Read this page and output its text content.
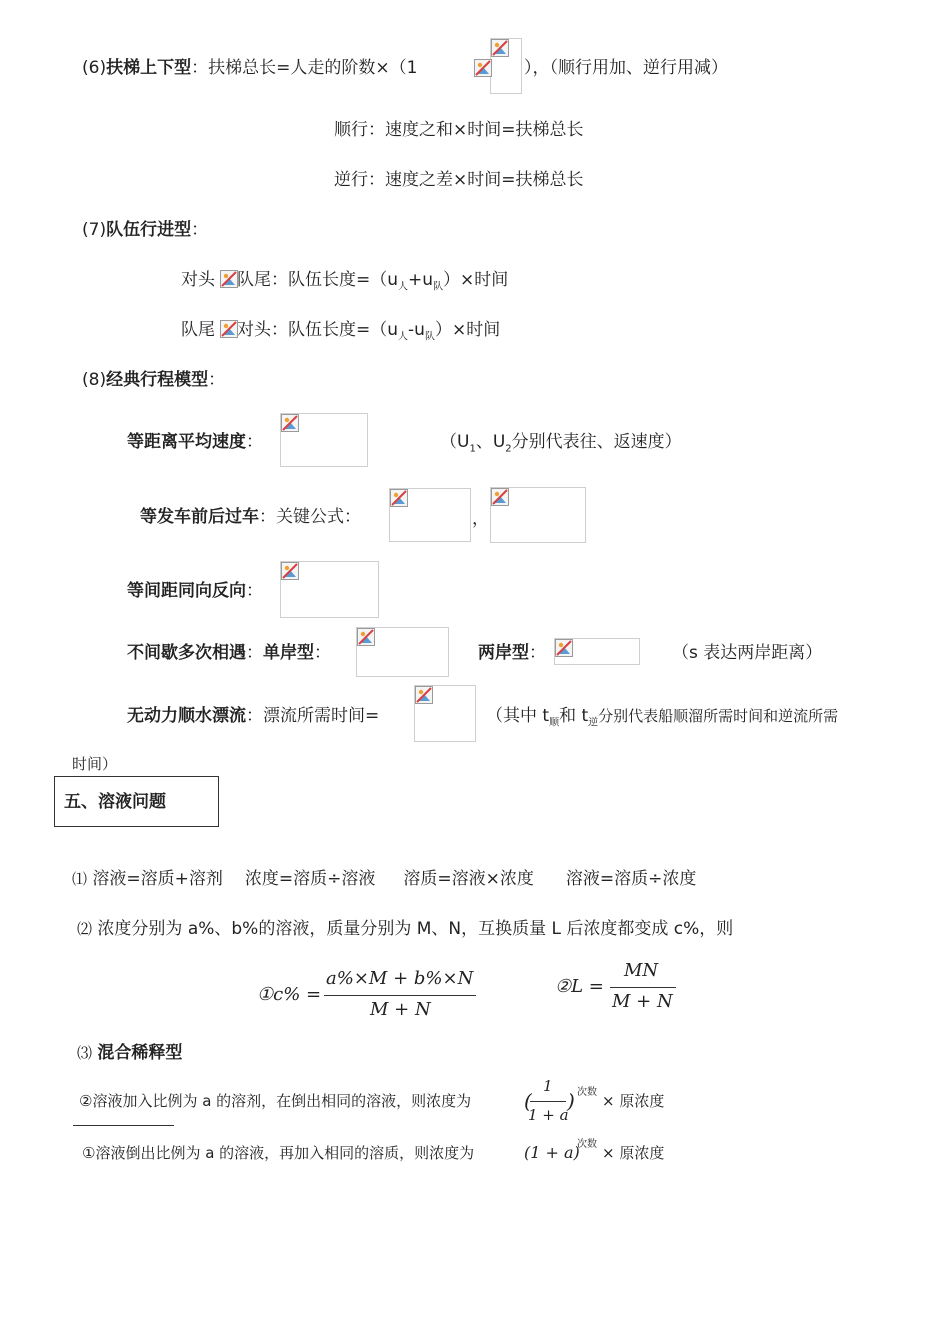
(6)扶梯上下型：扶梯总长=人走的阶数×（1	），（顺行用加、逆行用减）
顺行：速度之和×时间=扶梯总长
逆行：速度之差×时间=扶梯总长
(7)队伍行进型：
对头 队尾：队伍长度$=(u_人+u_队)\times$时间
队尾 对头：队伍长度$=(u_人-u_队)\times$时间
(8)经典行程模型：
等距离平均速度：	（$U_1$、$U_2$分别代表往、返速度）
等发车前后过车：关键公式：	，
等间距同向反向：
不间歇多次相遇：单岸型：	两岸型：	（s 表达两岸距离）
无动力顺水漂流：漂流所需时间=	（其中 $t_顺$和 $t_逆$分别代表船顺溜所需时间和逆流所需
时间）
五、溶液问题
⑴ 溶液=溶质+溶剂 浓度=溶质÷溶液 溶质=溶液×浓度 溶液=溶质÷浓度
⑵ 浓度分别为 a%、b%的溶液，质量分别为 M、N，互换质量 L 后浓度都变成 c%，则
①c% =
a%×M + b%×N
M + N
②L =
MN
M + N
⑶ 混合稀释型
②溶液加入比例为 a 的溶剂，在倒出相同的溶液，则浓度为	(
1
1 + a
) 次数 × 原浓度
①溶液倒出比例为 a 的溶液，再加入相同的溶质，则浓度为	(1 + a)
次数 × 原浓度
